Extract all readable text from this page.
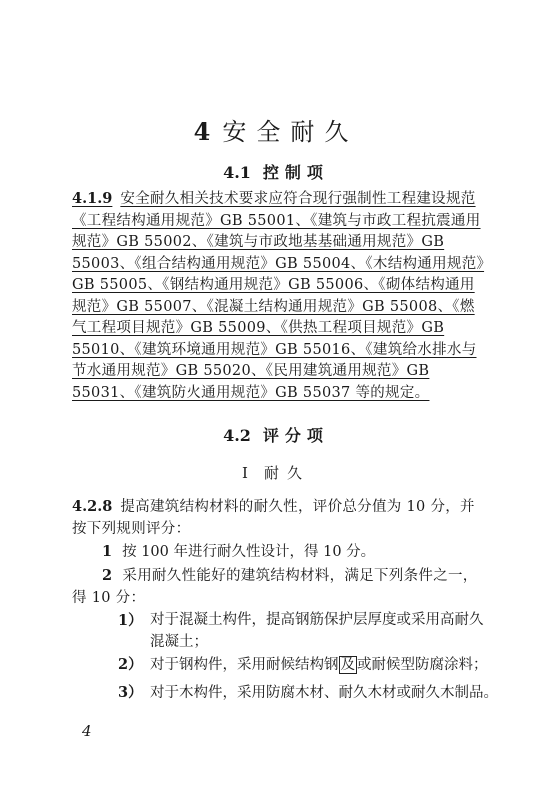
4 安全耐久
4.1 控制项
4.1.9 安全耐久相关技术要求应符合现行强制性工程建设规范《工程结构通用规范》GB 55001、《建筑与市政工程抗震通用规范》GB 55002、《建筑与市政地基基础通用规范》GB 55003、《组合结构通用规范》GB 55004、《木结构通用规范》GB 55005、《钢结构通用规范》GB 55006、《砌体结构通用规范》GB 55007、《混凝土结构通用规范》GB 55008、《燃气工程项目规范》GB 55009、《供热工程项目规范》GB 55010、《建筑环境通用规范》GB 55016、《建筑给水排水与节水通用规范》GB 55020、《民用建筑通用规范》GB 55031、《建筑防火通用规范》GB 55037 等的规定。
4.2 评分项
Ⅰ 耐久
4.2.8 提高建筑结构材料的耐久性，评价总分值为 10 分，并按下列规则评分：
1 按 100 年进行耐久性设计，得 10 分。
2 采用耐久性能好的建筑结构材料，满足下列条件之一，得 10 分：
1） 对于混凝土构件，提高钢筋保护层厚度或采用高耐久混凝土；
2） 对于钢构件，采用耐候结构钢 及 或耐候型防腐涂料；
3） 对于木构件，采用防腐木材、耐久木材或耐久木制品。
4
